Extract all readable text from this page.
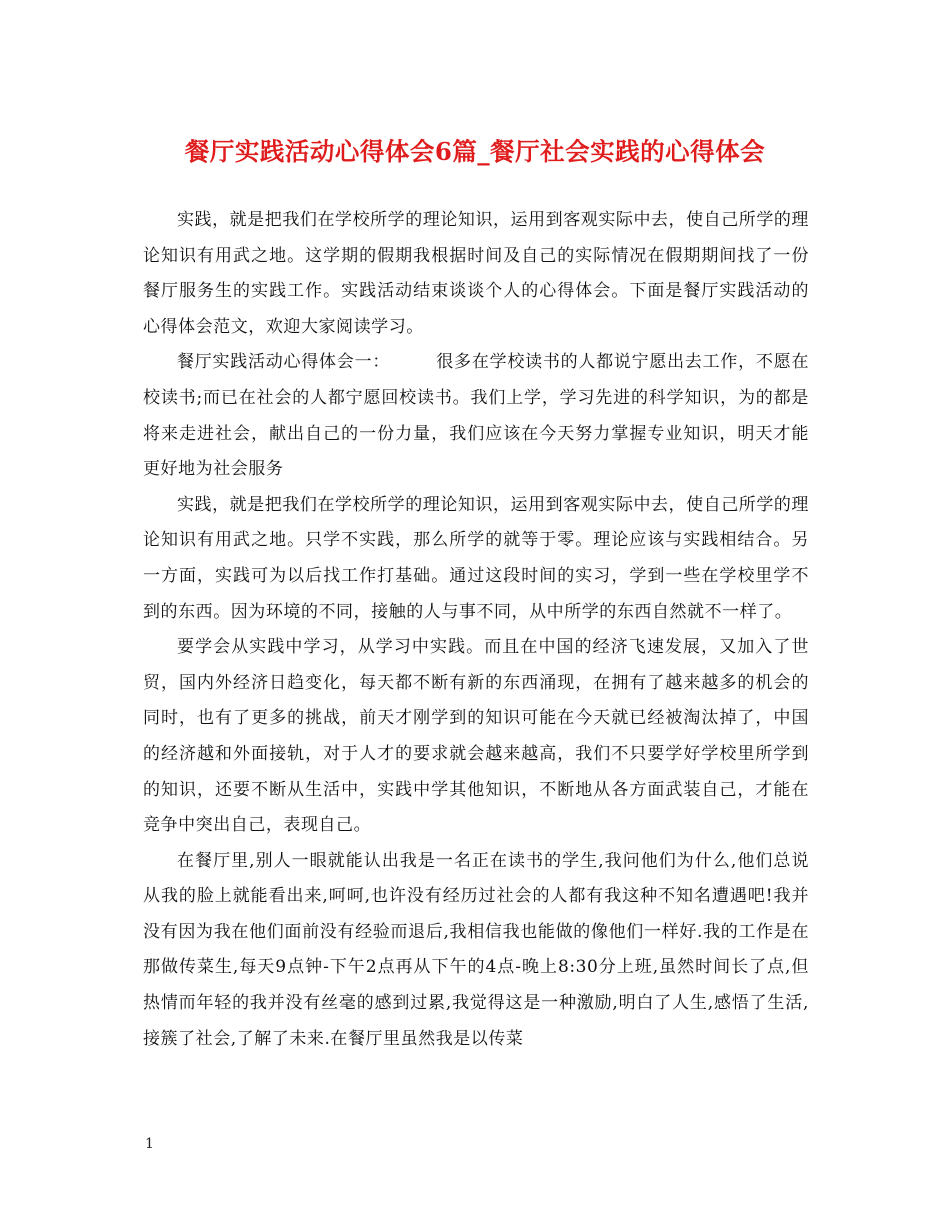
餐厅实践活动心得体会6篇_餐厅社会实践的心得体会

实践，就是把我们在学校所学的理论知识，运用到客观实际中去，使自己所学的理论知识有用武之地。这学期的假期我根据时间及自己的实际情况在假期期间找了一份餐厅服务生的实践工作。实践活动结束谈谈个人的心得体会。下面是餐厅实践活动的心得体会范文，欢迎大家阅读学习。

餐厅实践活动心得体会一：	很多在学校读书的人都说宁愿出去工作，不愿在校读书;而已在社会的人都宁愿回校读书。我们上学，学习先进的科学知识，为的都是将来走进社会，献出自己的一份力量，我们应该在今天努力掌握专业知识，明天才能更好地为社会服务

实践，就是把我们在学校所学的理论知识，运用到客观实际中去，使自己所学的理论知识有用武之地。只学不实践，那么所学的就等于零。理论应该与实践相结合。另一方面，实践可为以后找工作打基础。通过这段时间的实习，学到一些在学校里学不到的东西。因为环境的不同，接触的人与事不同，从中所学的东西自然就不一样了。

要学会从实践中学习，从学习中实践。而且在中国的经济飞速发展，又加入了世贸，国内外经济日趋变化，每天都不断有新的东西涌现，在拥有了越来越多的机会的同时，也有了更多的挑战，前天才刚学到的知识可能在今天就已经被淘汰掉了，中国的经济越和外面接轨，对于人才的要求就会越来越高，我们不只要学好学校里所学到的知识，还要不断从生活中，实践中学其他知识，不断地从各方面武装自己，才能在竞争中突出自己，表现自己。

在餐厅里,别人一眼就能认出我是一名正在读书的学生,我问他们为什么,他们总说从我的脸上就能看出来,呵呵,也许没有经历过社会的人都有我这种不知名遭遇吧!我并没有因为我在他们面前没有经验而退后,我相信我也能做的像他们一样好.我的工作是在那做传菜生,每天9点钟-下午2点再从下午的4点-晚上8:30分上班,虽然时间长了点,但热情而年轻的我并没有丝毫的感到过累,我觉得这是一种激励,明白了人生,感悟了生活,接簇了社会,了解了未来.在餐厅里虽然我是以传菜

1
